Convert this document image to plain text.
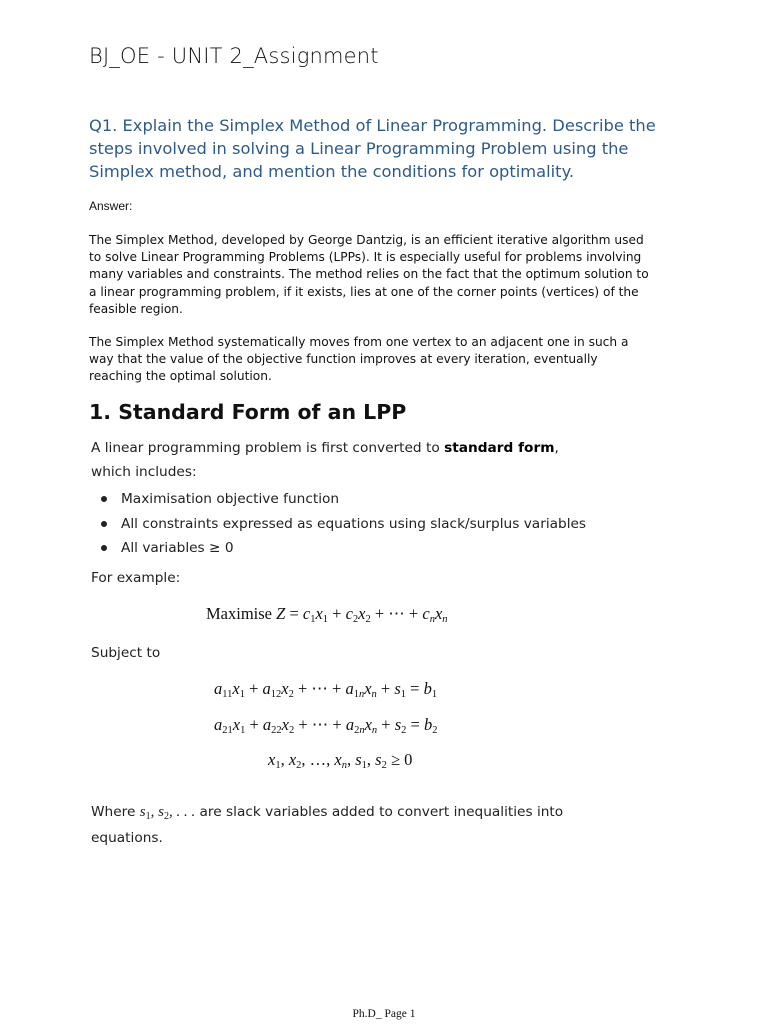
BJ_OE - UNIT 2_Assignment
Q1. Explain the Simplex Method of Linear Programming. Describe the steps involved in solving a Linear Programming Problem using the Simplex method, and mention the conditions for optimality.
Answer:
The Simplex Method, developed by George Dantzig, is an efficient iterative algorithm used to solve Linear Programming Problems (LPPs). It is especially useful for problems involving many variables and constraints. The method relies on the fact that the optimum solution to a linear programming problem, if it exists, lies at one of the corner points (vertices) of the feasible region.
The Simplex Method systematically moves from one vertex to an adjacent one in such a way that the value of the objective function improves at every iteration, eventually reaching the optimal solution.
1. Standard Form of an LPP
A linear programming problem is first converted to standard form, which includes:
Maximisation objective function
All constraints expressed as equations using slack/surplus variables
All variables ≥ 0
For example:
Maximise $Z = c_1x_1 + c_2x_2$ + ⋯ + $c_nx_n$
Subject to
$a_{11}x_1 + a_{12}x_2$ + ⋯ + $a_{1n}x_n + s_1 = b_1$
$a_{21}x_1 + a_{22}x_2$ + ⋯ + $a_{2n}x_n + s_2 = b_2$
$x_1$, $x_2$, …, $x_n$, $s_1$, $s_2 \ge 0$
Where $s_1$, $s_2$, . . . are slack variables added to convert inequalities into equations.
Ph.D_ Page 1
